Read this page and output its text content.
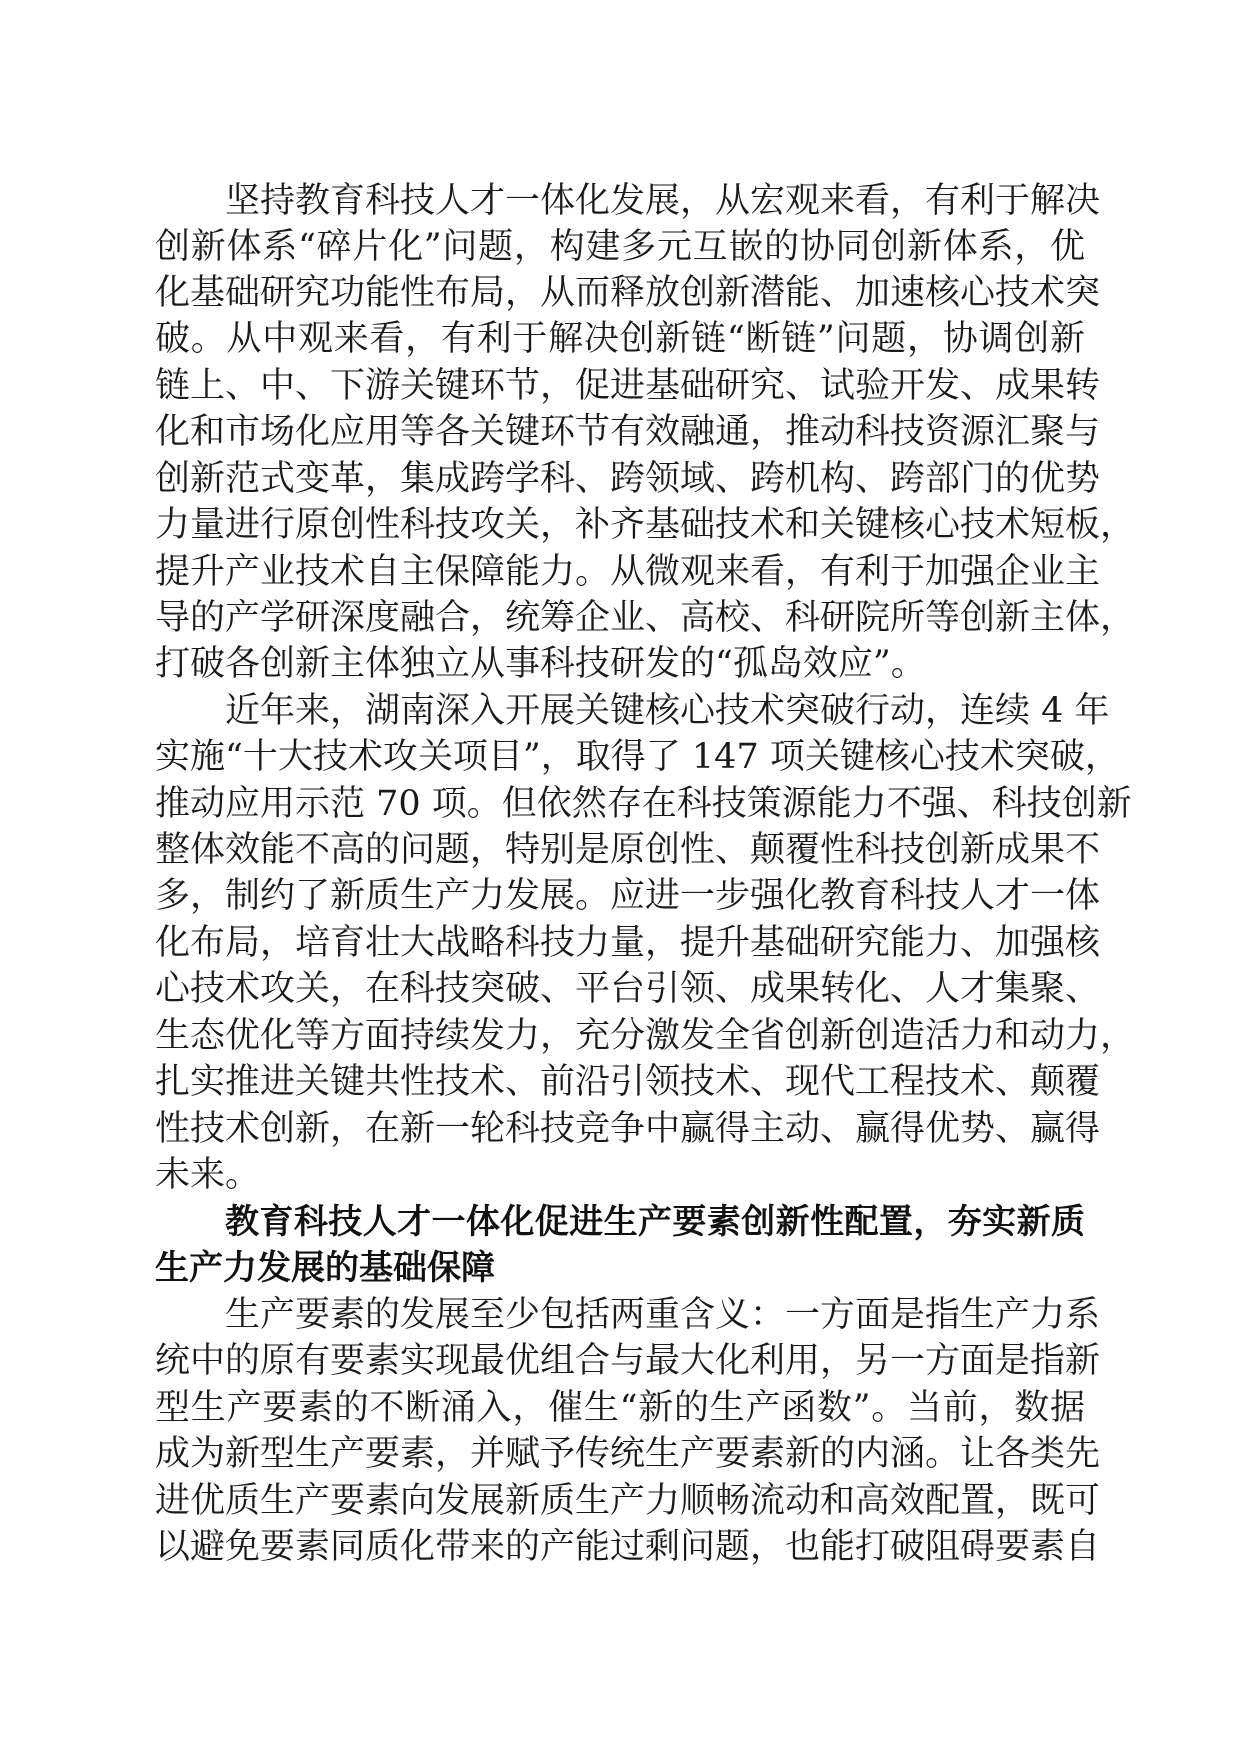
坚持教育科技人才一体化发展，从宏观来看，有利于解决
创新体系“碎片化”问题，构建多元互嵌的协同创新体系，优
化基础研究功能性布局，从而释放创新潜能、加速核心技术突
破。从中观来看，有利于解决创新链“断链”问题，协调创新
链上、中、下游关键环节，促进基础研究、试验开发、成果转
化和市场化应用等各关键环节有效融通，推动科技资源汇聚与
创新范式变革，集成跨学科、跨领域、跨机构、跨部门的优势
力量进行原创性科技攻关，补齐基础技术和关键核心技术短板，
提升产业技术自主保障能力。从微观来看，有利于加强企业主
导的产学研深度融合，统筹企业、高校、科研院所等创新主体，
打破各创新主体独立从事科技研发的“孤岛效应”。
近年来，湖南深入开展关键核心技术突破行动，连续 4 年
实施“十大技术攻关项目”，取得了 147 项关键核心技术突破，
推动应用示范 70 项。但依然存在科技策源能力不强、科技创新
整体效能不高的问题，特别是原创性、颠覆性科技创新成果不
多，制约了新质生产力发展。应进一步强化教育科技人才一体
化布局，培育壮大战略科技力量，提升基础研究能力、加强核
心技术攻关，在科技突破、平台引领、成果转化、人才集聚、
生态优化等方面持续发力，充分激发全省创新创造活力和动力，
扎实推进关键共性技术、前沿引领技术、现代工程技术、颠覆
性技术创新，在新一轮科技竞争中赢得主动、赢得优势、赢得
未来。
教育科技人才一体化促进生产要素创新性配置，夯实新质
生产力发展的基础保障
生产要素的发展至少包括两重含义：一方面是指生产力系
统中的原有要素实现最优组合与最大化利用，另一方面是指新
型生产要素的不断涌入，催生“新的生产函数”。当前，数据
成为新型生产要素，并赋予传统生产要素新的内涵。让各类先
进优质生产要素向发展新质生产力顺畅流动和高效配置，既可
以避免要素同质化带来的产能过剩问题，也能打破阻碍要素自
